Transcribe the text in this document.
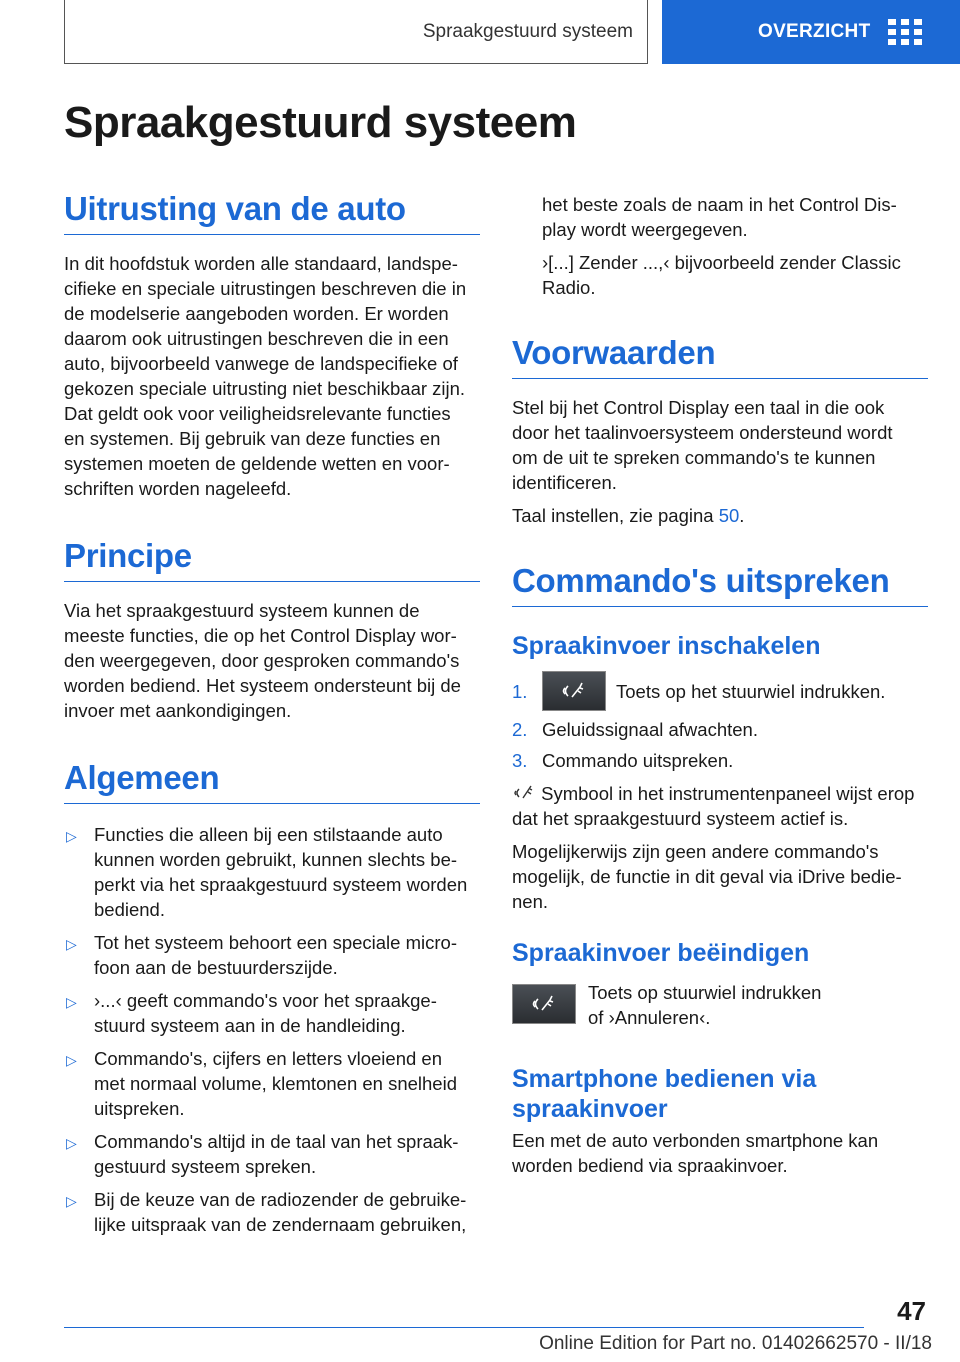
Spraakgestuurd systeem	OVERZICHT
Spraakgestuurd systeem
Uitrusting van de auto

In dit hoofdstuk worden alle standaard, landspe-
cifieke en speciale uitrustingen beschreven die in
de modelserie aangeboden worden. Er worden
daarom ook uitrustingen beschreven die in een
auto, bijvoorbeeld vanwege de landspecifieke of
gekozen speciale uitrusting niet beschikbaar zijn.
Dat geldt ook voor veiligheidsrelevante functies
en systemen. Bij gebruik van deze functies en
systemen moeten de geldende wetten en voor-
schriften worden nageleefd.

Principe

Via het spraakgestuurd systeem kunnen de
meeste functies, die op het Control Display wor-
den weergegeven, door gesproken commando's
worden bediend. Het systeem ondersteunt bij de
invoer met aankondigingen.

Algemeen
▷ Functies die alleen bij een stilstaande auto
kunnen worden gebruikt, kunnen slechts be-
perkt via het spraakgestuurd systeem worden
bediend.
▷ Tot het systeem behoort een speciale micro-
foon aan de bestuurderszijde.
▷ ›...‹ geeft commando's voor het spraakge-
stuurd systeem aan in de handleiding.
▷ Commando's, cijfers en letters vloeiend en
met normaal volume, klemtonen en snelheid
uitspreken.
▷ Commando's altijd in de taal van het spraak-
gestuurd systeem spreken.
▷ Bij de keuze van de radiozender de gebruike-
lijke uitspraak van de zendernaam gebruiken,

het beste zoals de naam in het Control Dis-
play wordt weergegeven.

›[...] Zender ...,‹ bijvoorbeeld zender Classic
Radio.

Voorwaarden

Stel bij het Control Display een taal in die ook
door het taalinvoersysteem ondersteund wordt
om de uit te spreken commando's te kunnen
identificeren.

Taal instellen, zie pagina 50.

Commando's uitspreken
Spraakinvoer inschakelen
1.	Toets op het stuurwiel indrukken.
2. Geluidssignaal afwachten.
3. Commando uitspreken.

Symbool in het instrumentenpaneel wijst erop
dat het spraakgestuurd systeem actief is.

Mogelijkerwijs zijn geen andere commando's
mogelijk, de functie in dit geval via iDrive bedie-
nen.

Spraakinvoer beëindigen

Toets op stuurwiel indrukken
of ›Annuleren‹.

Smartphone bedienen via
spraakinvoer

Een met de auto verbonden smartphone kan
worden bediend via spraakinvoer.

47
Online Edition for Part no. 01402662570 - II/18
